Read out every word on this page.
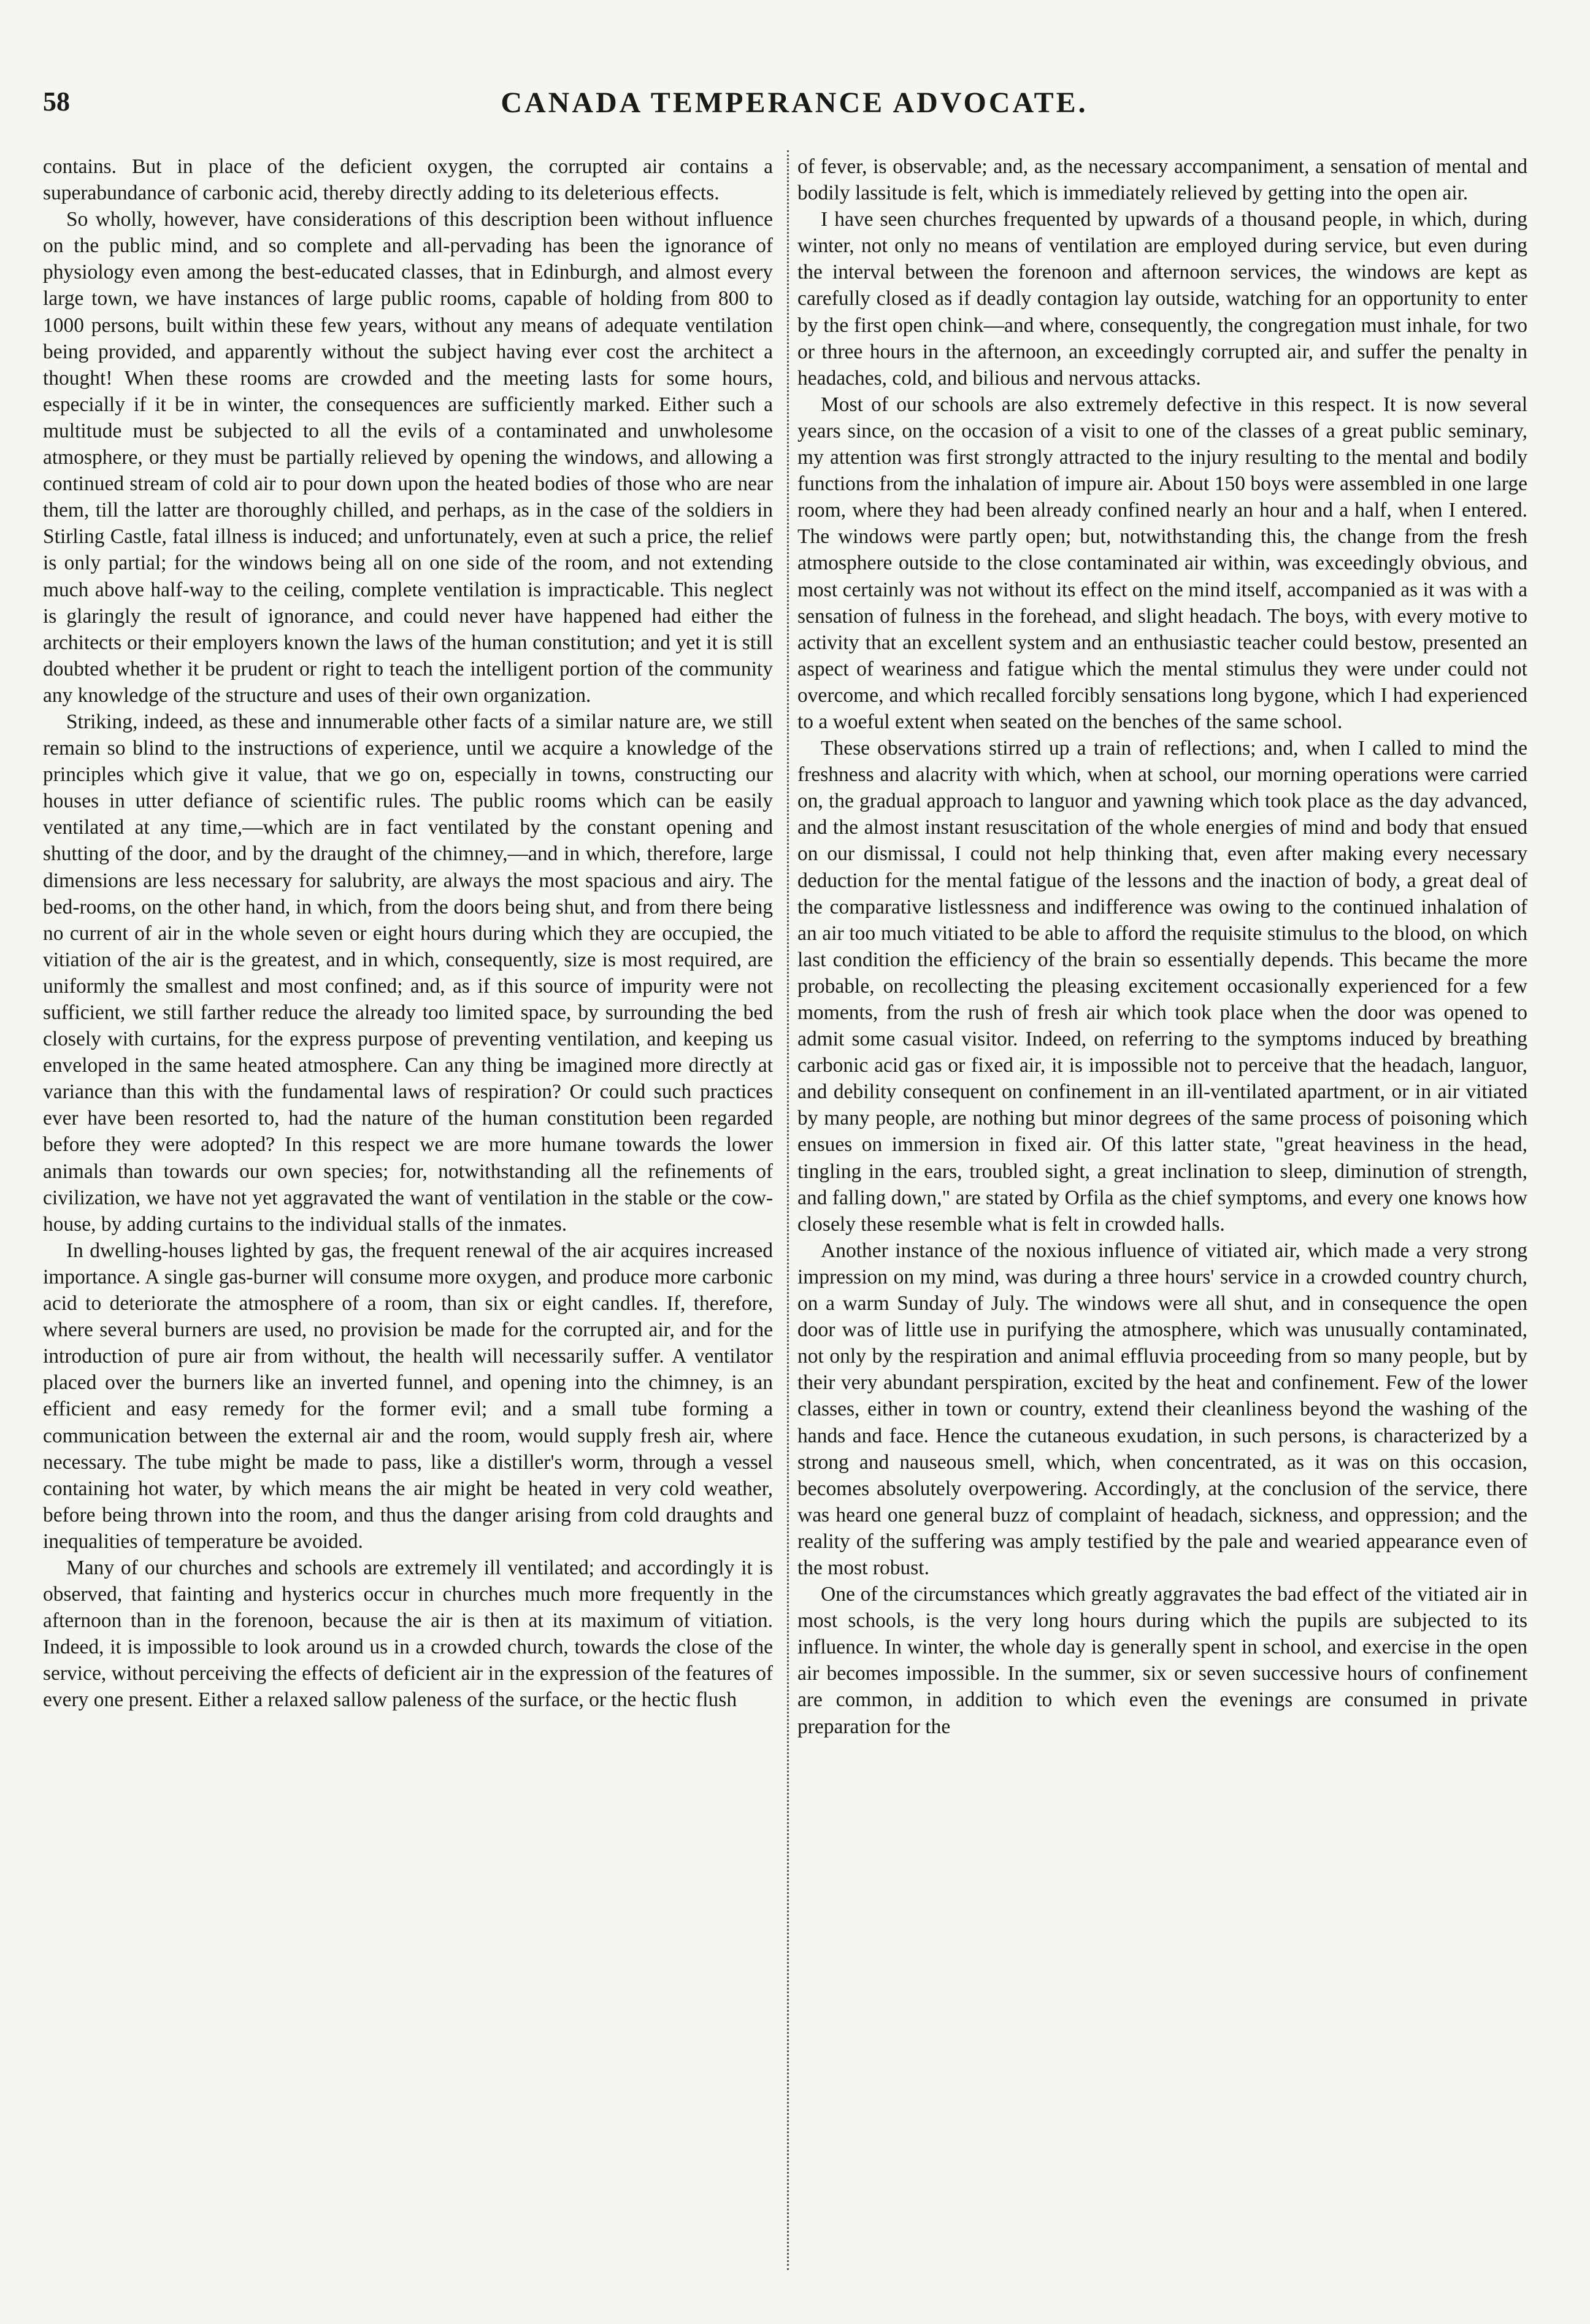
58	CANADA TEMPERANCE ADVOCATE.

contains. But in place of the deficient oxygen, the corrupted air contains a superabundance of carbonic acid, thereby directly adding to its deleterious effects.

So wholly, however, have considerations of this description been without influence on the public mind, and so complete and all-pervading has been the ignorance of physiology even among the best-educated classes, that in Edinburgh, and almost every large town, we have instances of large public rooms, capable of holding from 800 to 1000 persons, built within these few years, without any means of adequate ventilation being provided, and apparently without the subject having ever cost the architect a thought! When these rooms are crowded and the meeting lasts for some hours, especially if it be in winter, the consequences are sufficiently marked. Either such a multitude must be subjected to all the evils of a contaminated and unwholesome atmosphere, or they must be partially relieved by opening the windows, and allowing a continued stream of cold air to pour down upon the heated bodies of those who are near them, till the latter are thoroughly chilled, and perhaps, as in the case of the soldiers in Stirling Castle, fatal illness is induced; and unfortunately, even at such a price, the relief is only partial; for the windows being all on one side of the room, and not extending much above half-way to the ceiling, complete ventilation is impracticable. This neglect is glaringly the result of ignorance, and could never have happened had either the architects or their employers known the laws of the human constitution; and yet it is still doubted whether it be prudent or right to teach the intelligent portion of the community any knowledge of the structure and uses of their own organization.

Striking, indeed, as these and innumerable other facts of a similar nature are, we still remain so blind to the instructions of experience, until we acquire a knowledge of the principles which give it value, that we go on, especially in towns, constructing our houses in utter defiance of scientific rules. The public rooms which can be easily ventilated at any time,—which are in fact ventilated by the constant opening and shutting of the door, and by the draught of the chimney,—and in which, therefore, large dimensions are less necessary for salubrity, are always the most spacious and airy. The bed-rooms, on the other hand, in which, from the doors being shut, and from there being no current of air in the whole seven or eight hours during which they are occupied, the vitiation of the air is the greatest, and in which, consequently, size is most required, are uniformly the smallest and most confined; and, as if this source of impurity were not sufficient, we still farther reduce the already too limited space, by surrounding the bed closely with curtains, for the express purpose of preventing ventilation, and keeping us enveloped in the same heated atmosphere. Can any thing be imagined more directly at variance than this with the fundamental laws of respiration? Or could such practices ever have been resorted to, had the nature of the human constitution been regarded before they were adopted? In this respect we are more humane towards the lower animals than towards our own species; for, notwithstanding all the refinements of civilization, we have not yet aggravated the want of ventilation in the stable or the cow-house, by adding curtains to the individual stalls of the inmates.

In dwelling-houses lighted by gas, the frequent renewal of the air acquires increased importance. A single gas-burner will consume more oxygen, and produce more carbonic acid to deteriorate the atmosphere of a room, than six or eight candles. If, therefore, where several burners are used, no provision be made for the corrupted air, and for the introduction of pure air from without, the health will necessarily suffer. A ventilator placed over the burners like an inverted funnel, and opening into the chimney, is an efficient and easy remedy for the former evil; and a small tube forming a communication between the external air and the room, would supply fresh air, where necessary. The tube might be made to pass, like a distiller's worm, through a vessel containing hot water, by which means the air might be heated in very cold weather, before being thrown into the room, and thus the danger arising from cold draughts and inequalities of temperature be avoided.

Many of our churches and schools are extremely ill ventilated; and accordingly it is observed, that fainting and hysterics occur in churches much more frequently in the afternoon than in the forenoon, because the air is then at its maximum of vitiation. Indeed, it is impossible to look around us in a crowded church, towards the close of the service, without perceiving the effects of deficient air in the expression of the features of every one present. Either a relaxed sallow paleness of the surface, or the hectic flush

of fever, is observable; and, as the necessary accompaniment, a sensation of mental and bodily lassitude is felt, which is immediately relieved by getting into the open air.

I have seen churches frequented by upwards of a thousand people, in which, during winter, not only no means of ventilation are employed during service, but even during the interval between the forenoon and afternoon services, the windows are kept as carefully closed as if deadly contagion lay outside, watching for an opportunity to enter by the first open chink—and where, consequently, the congregation must inhale, for two or three hours in the afternoon, an exceedingly corrupted air, and suffer the penalty in headaches, cold, and bilious and nervous attacks.

Most of our schools are also extremely defective in this respect. It is now several years since, on the occasion of a visit to one of the classes of a great public seminary, my attention was first strongly attracted to the injury resulting to the mental and bodily functions from the inhalation of impure air. About 150 boys were assembled in one large room, where they had been already confined nearly an hour and a half, when I entered. The windows were partly open; but, notwithstanding this, the change from the fresh atmosphere outside to the close contaminated air within, was exceedingly obvious, and most certainly was not without its effect on the mind itself, accompanied as it was with a sensation of fulness in the forehead, and slight headach. The boys, with every motive to activity that an excellent system and an enthusiastic teacher could bestow, presented an aspect of weariness and fatigue which the mental stimulus they were under could not overcome, and which recalled forcibly sensations long bygone, which I had experienced to a woeful extent when seated on the benches of the same school.

These observations stirred up a train of reflections; and, when I called to mind the freshness and alacrity with which, when at school, our morning operations were carried on, the gradual approach to languor and yawning which took place as the day advanced, and the almost instant resuscitation of the whole energies of mind and body that ensued on our dismissal, I could not help thinking that, even after making every necessary deduction for the mental fatigue of the lessons and the inaction of body, a great deal of the comparative listlessness and indifference was owing to the continued inhalation of an air too much vitiated to be able to afford the requisite stimulus to the blood, on which last condition the efficiency of the brain so essentially depends. This became the more probable, on recollecting the pleasing excitement occasionally experienced for a few moments, from the rush of fresh air which took place when the door was opened to admit some casual visitor. Indeed, on referring to the symptoms induced by breathing carbonic acid gas or fixed air, it is impossible not to perceive that the headach, languor, and debility consequent on confinement in an ill-ventilated apartment, or in air vitiated by many people, are nothing but minor degrees of the same process of poisoning which ensues on immersion in fixed air. Of this latter state, "great heaviness in the head, tingling in the ears, troubled sight, a great inclination to sleep, diminution of strength, and falling down," are stated by Orfila as the chief symptoms, and every one knows how closely these resemble what is felt in crowded halls.

Another instance of the noxious influence of vitiated air, which made a very strong impression on my mind, was during a three hours' service in a crowded country church, on a warm Sunday of July. The windows were all shut, and in consequence the open door was of little use in purifying the atmosphere, which was unusually contaminated, not only by the respiration and animal effluvia proceeding from so many people, but by their very abundant perspiration, excited by the heat and confinement. Few of the lower classes, either in town or country, extend their cleanliness beyond the washing of the hands and face. Hence the cutaneous exudation, in such persons, is characterized by a strong and nauseous smell, which, when concentrated, as it was on this occasion, becomes absolutely overpowering. Accordingly, at the conclusion of the service, there was heard one general buzz of complaint of headach, sickness, and oppression; and the reality of the suffering was amply testified by the pale and wearied appearance even of the most robust.

One of the circumstances which greatly aggravates the bad effect of the vitiated air in most schools, is the very long hours during which the pupils are subjected to its influence. In winter, the whole day is generally spent in school, and exercise in the open air becomes impossible. In the summer, six or seven successive hours of confinement are common, in addition to which even the evenings are consumed in private preparation for the
